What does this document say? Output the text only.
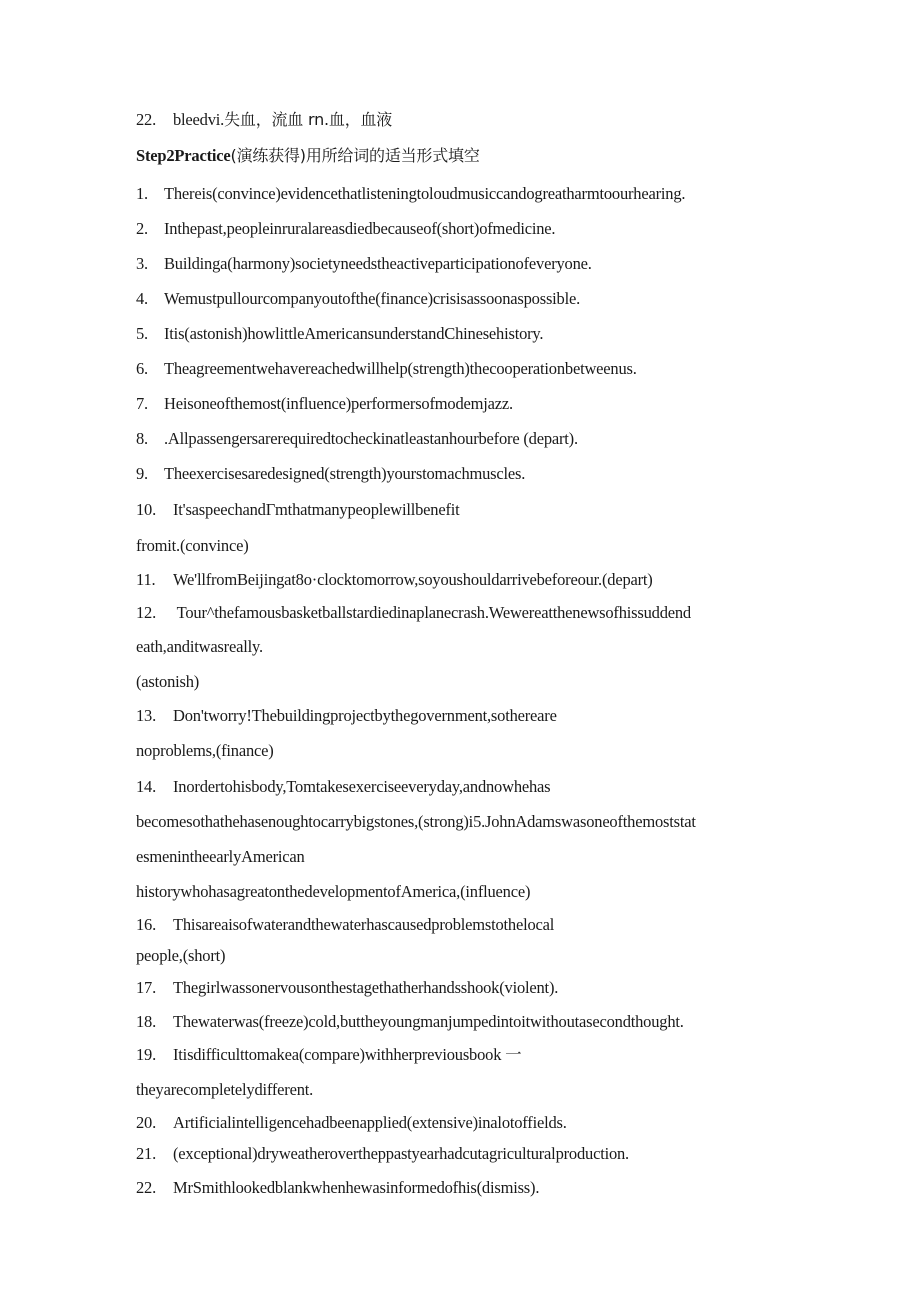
22. bleedvi.失血，流血 rn.血，血液
Step2Practice(演练获得)用所给词的适当形式填空
1. Thereis(convince)evidencethatlisteningtoloudmusiccandogreatharmtoourhearing.
2. Inthepast,peopleinruralareasdiedbecauseof(short)ofmedicine.
3. Buildinga(harmony)societyneedstheactiveparticipationofeveryone.
4. Wemustpullourcompanyoutofthe(finance)crisisassoonaspossible.
5. Itis(astonish)howlittleAmericansunderstandChinesehistory.
6. Theagreementwehavereachedwillhelp(strength)thecooperationbetweenus.
7. Heisoneofthemost(influence)performersofmodemjazz.
8. .Allpassengersarerequiredtocheckinatleastanhourbefore (depart).
9. Theexercisesaredesigned(strength)yourstomachmuscles.
10. It'saspeechandΓmthatmanypeoplewillbenefit
fromit.(convince)
11. We'llfromBeijingat8o·clocktomorrow,soyoushouldarrivebeforeour.(depart)
12. Tour^thefamousbasketballstardiedinaplanecrash.Wewereatthenewsofhissuddend
eath,anditwasreally.
(astonish)
13. Don'tworry!Thebuildingprojectbythegovernment,sothereare
noproblems,(finance)
14. Inordertohisbody,Tomtakesexerciseeveryday,andnowhehas
becomesothathehasenoughtocarrybigstones,(strong)i5.JohnAdamswasoneofthemoststat
esmenintheearlyAmerican
historywhohasagreatonthedevelopmentofAmerica,(influence)
16. Thisareaisofwaterandthewaterhascausedproblemstothelocal
people,(short)
17. Thegirlwassonervousonthestagethatherhandsshook(violent).
18. Thewaterwas(freeze)cold,buttheyoungmanjumpedintoitwithoutasecondthought.
19. Itisdifficulttomakea(compare)withherpreviousbook 一
theyarecompletelydifferent.
20. Artificialintelligencehadbeenapplied(extensive)inalotoffields.
21. (exceptional)dryweatherovertheppastyearhadcutagriculturalproduction.
22. MrSmithlookedblankwhenhewasinformedofhis(dismiss).
